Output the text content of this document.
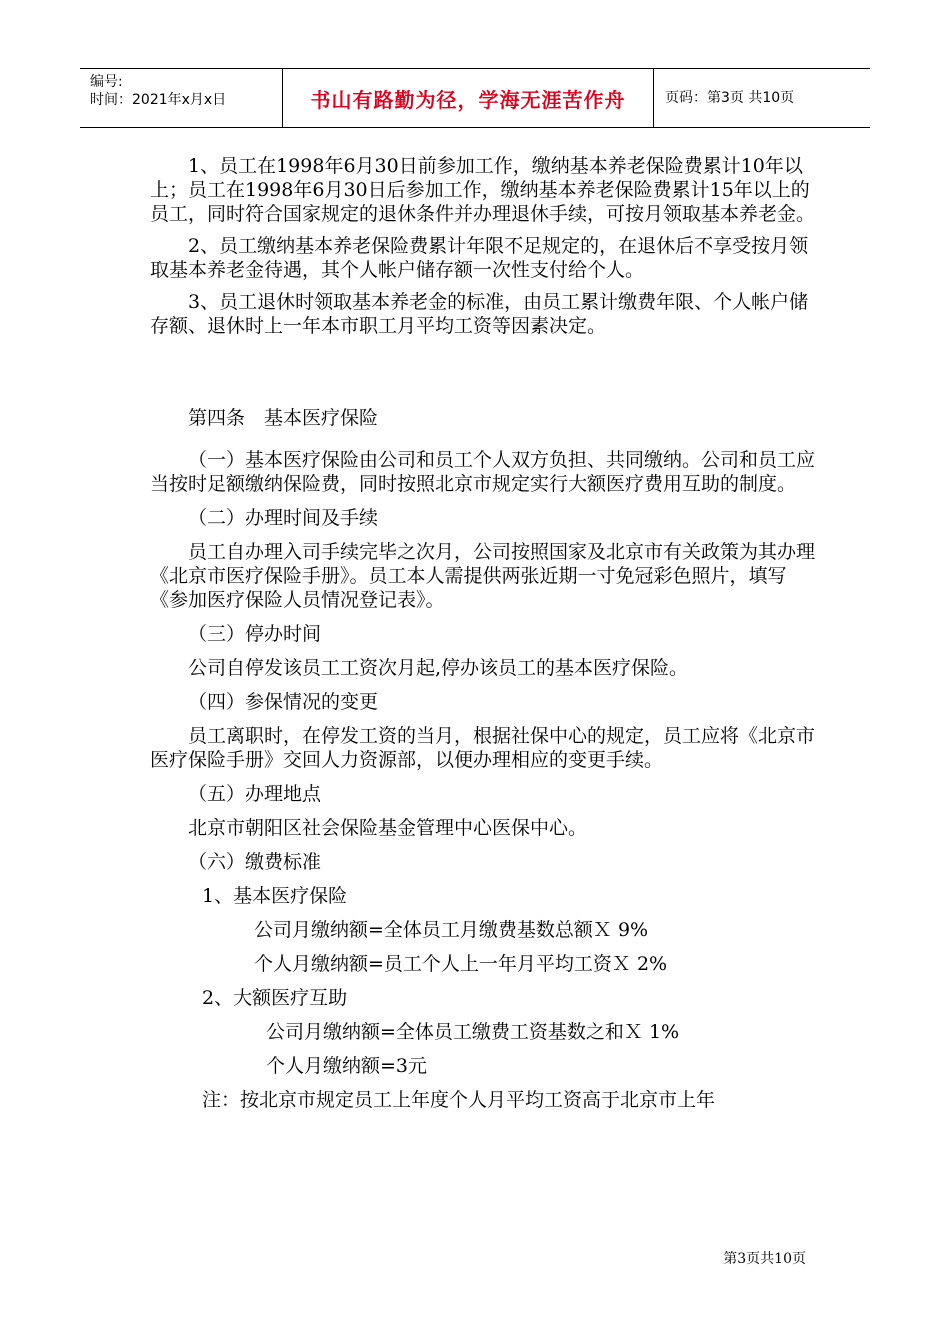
编号:
时间：2021年x月x日	书山有路勤为径，学海无涯苦作舟	页码：第3页 共10页

1、员工在1998年6月30日前参加工作，缴纳基本养老保险费累计10年以上；员工在1998年6月30日后参加工作，缴纳基本养老保险费累计15年以上的员工，同时符合国家规定的退休条件并办理退休手续，可按月领取基本养老金。

2、员工缴纳基本养老保险费累计年限不足规定的，在退休后不享受按月领取基本养老金待遇，其个人帐户储存额一次性支付给个人。

3、员工退休时领取基本养老金的标准，由员工累计缴费年限、个人帐户储存额、退休时上一年本市职工月平均工资等因素决定。

第四条　基本医疗保险

（一）基本医疗保险由公司和员工个人双方负担、共同缴纳。公司和员工应当按时足额缴纳保险费，同时按照北京市规定实行大额医疗费用互助的制度。

（二）办理时间及手续

员工自办理入司手续完毕之次月，公司按照国家及北京市有关政策为其办理《北京市医疗保险手册》。员工本人需提供两张近期一寸免冠彩色照片，填写《参加医疗保险人员情况登记表》。

（三）停办时间

公司自停发该员工工资次月起,停办该员工的基本医疗保险。

（四）参保情况的变更

员工离职时，在停发工资的当月，根据社保中心的规定，员工应将《北京市医疗保险手册》交回人力资源部，以便办理相应的变更手续。

（五）办理地点

北京市朝阳区社会保险基金管理中心医保中心。

（六）缴费标准
1、基本医疗保险
公司月缴纳额=全体员工月缴费基数总额Ｘ 9%
个人月缴纳额=员工个人上一年月平均工资Ｘ 2%
2、大额医疗互助
公司月缴纳额=全体员工缴费工资基数之和Ｘ 1%
个人月缴纳额=3元
注：按北京市规定员工上年度个人月平均工资高于北京市上年
第3页共10页
